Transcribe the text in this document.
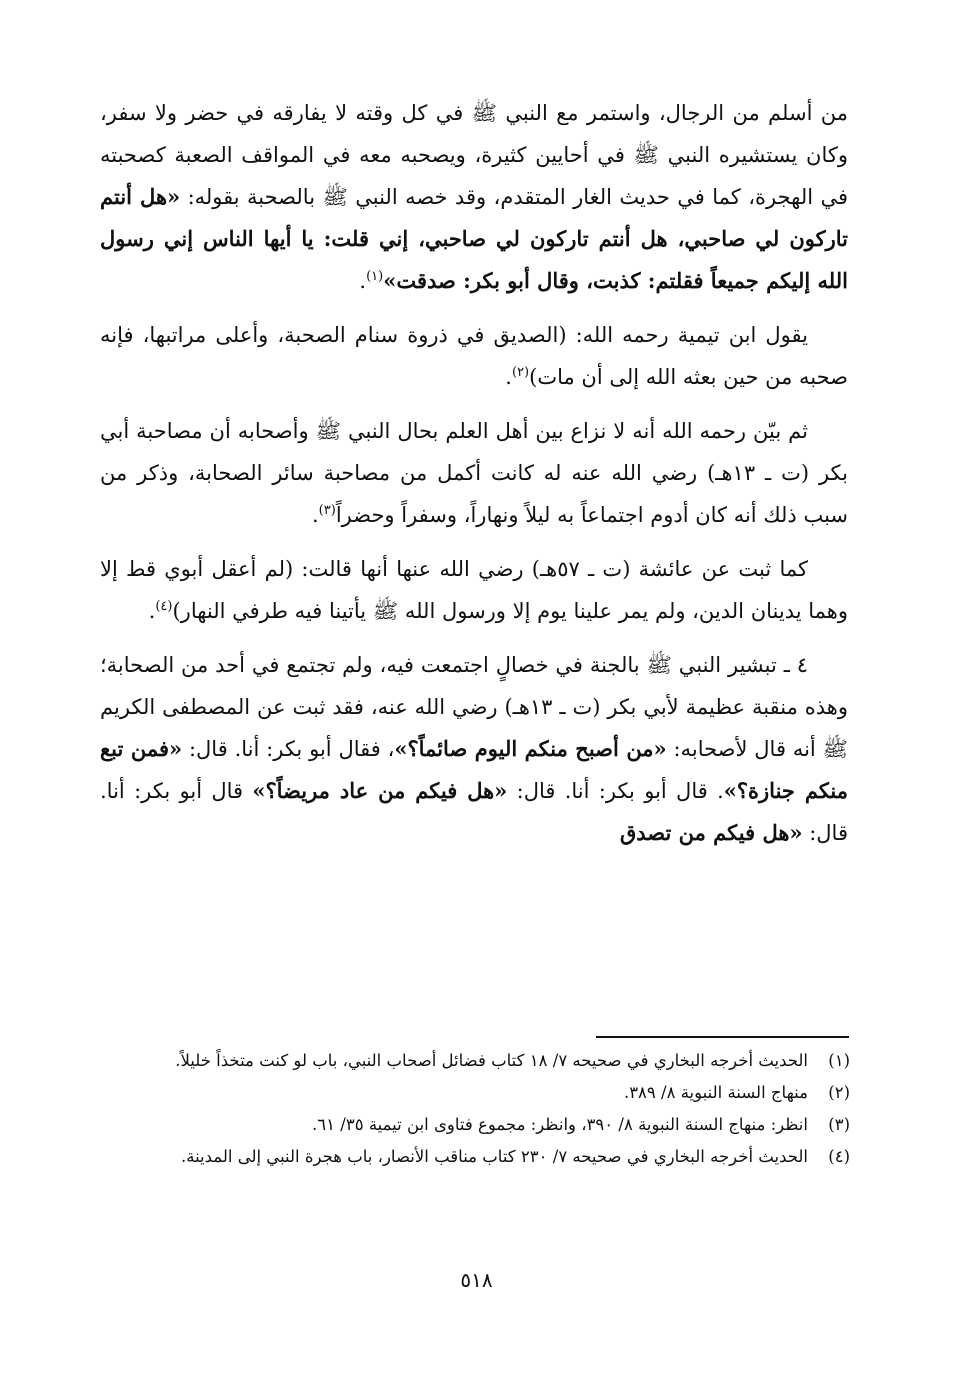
من أسلم من الرجال، واستمر مع النبي ﷺ في كل وقته لا يفارقه في حضر ولا سفر، وكان يستشيره النبي ﷺ في أحايين كثيرة، ويصحبه معه في المواقف الصعبة كصحبته في الهجرة، كما في حديث الغار المتقدم، وقد خصه النبي ﷺ بالصحبة بقوله: «هل أنتم تاركون لي صاحبي، هل أنتم تاركون لي صاحبي، إني قلت: يا أيها الناس إني رسول الله إليكم جميعاً فقلتم: كذبت، وقال أبو بكر: صدقت»$^{(١)}$.

يقول ابن تيمية رحمه الله: (الصديق في ذروة سنام الصحبة، وأعلى مراتبها، فإنه صحبه من حين بعثه الله إلى أن مات)$^{(٢)}$.

ثم بيّن رحمه الله أنه لا نزاع بين أهل العلم بحال النبي ﷺ وأصحابه أن مصاحبة أبي بكر (ت ـ ١٣هـ) رضي الله عنه له كانت أكمل من مصاحبة سائر الصحابة، وذكر من سبب ذلك أنه كان أدوم اجتماعاً به ليلاً ونهاراً، وسفراً وحضراً$^{(٣)}$.

كما ثبت عن عائشة (ت ـ ٥٧هـ) رضي الله عنها أنها قالت: (لم أعقل أبوي قط إلا وهما يدينان الدين، ولم يمر علينا يوم إلا ورسول الله ﷺ يأتينا فيه طرفي النهار)$^{(٤)}$.

٤ ـ تبشير النبي ﷺ بالجنة في خصالٍ اجتمعت فيه، ولم تجتمع في أحد من الصحابة؛ وهذه منقبة عظيمة لأبي بكر (ت ـ ١٣هـ) رضي الله عنه، فقد ثبت عن المصطفى الكريم ﷺ أنه قال لأصحابه: «من أصبح منكم اليوم صائماً؟»، فقال أبو بكر: أنا. قال: «فمن تبع منكم جنازة؟». قال أبو بكر: أنا. قال: «هل فيكم من عاد مريضاً؟» قال أبو بكر: أنا. قال: «هل فيكم من تصدق

(١)
الحديث أخرجه البخاري في صحيحه ٧/ ١٨ كتاب فضائل أصحاب النبي، باب لو كنت متخذاً خليلاً.
(٢)
منهاج السنة النبوية ٨/ ٣٨٩.
(٣)
انظر: منهاج السنة النبوية ٨/ ٣٩٠، وانظر: مجموع فتاوى ابن تيمية ٣٥/ ٦١.
(٤)
الحديث أخرجه البخاري في صحيحه ٧/ ٢٣٠ كتاب مناقب الأنصار، باب هجرة النبي إلى المدينة.
٥١٨
